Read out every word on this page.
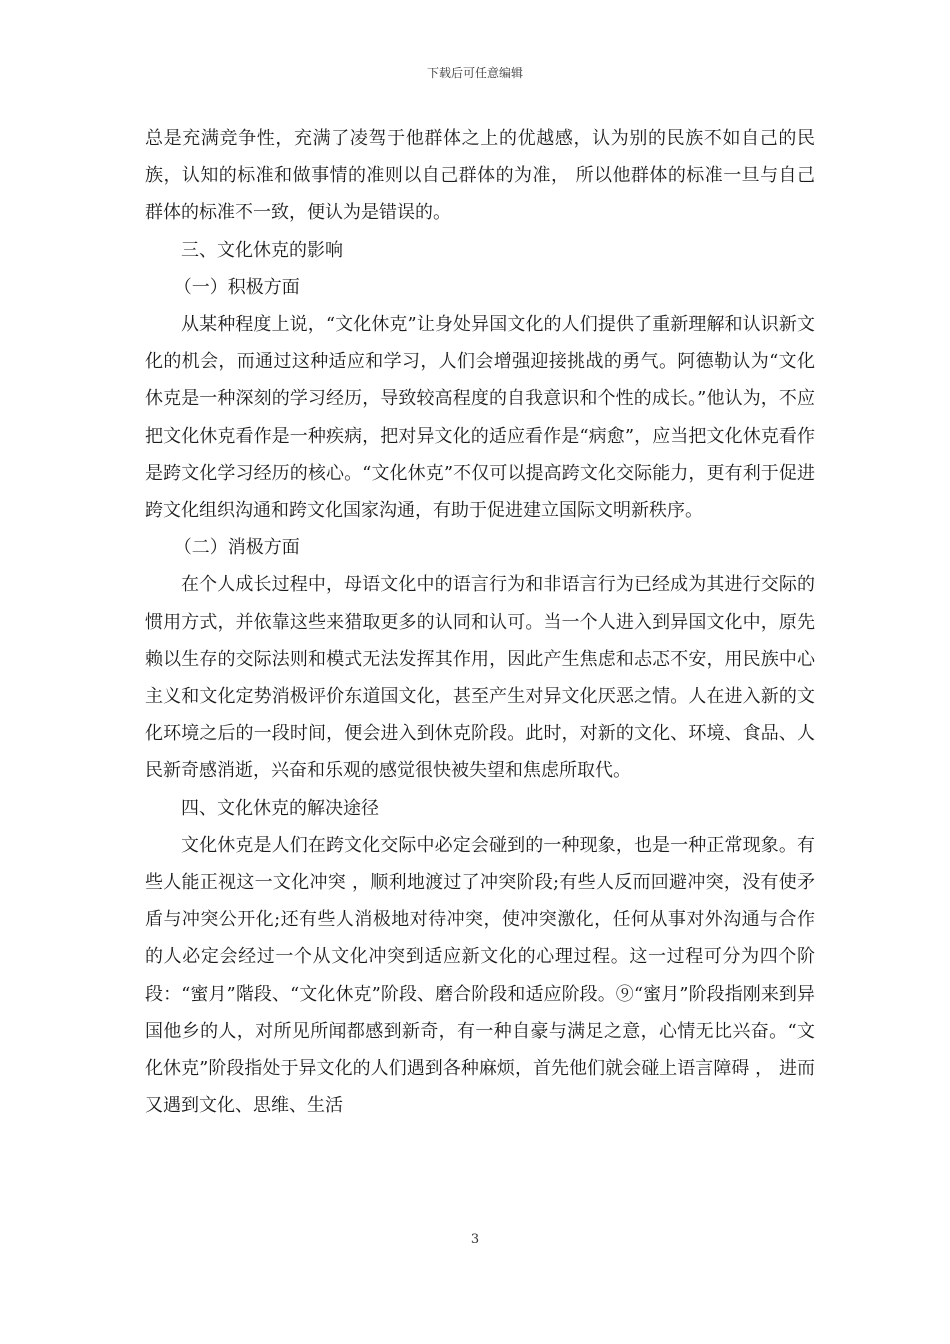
下载后可任意编辑

总是充满竞争性，充满了凌驾于他群体之上的优越感，认为别的民族不如自己的民族，认知的标准和做事情的准则以自己群体的为准， 所以他群体的标准一旦与自己群体的标准不一致，便认为是错误的。

三、文化休克的影响

（一）积极方面

从某种程度上说，“文化休克”让身处异国文化的人们提供了重新理解和认识新文化的机会，而通过这种适应和学习，人们会增强迎接挑战的勇气。阿德勒认为“文化休克是一种深刻的学习经历，导致较高程度的自我意识和个性的成长。”他认为，不应把文化休克看作是一种疾病，把对异文化的适应看作是“病愈”，应当把文化休克看作是跨文化学习经历的核心。“文化休克”不仅可以提高跨文化交际能力，更有利于促进跨文化组织沟通和跨文化国家沟通，有助于促进建立国际文明新秩序。

（二）消极方面

在个人成长过程中，母语文化中的语言行为和非语言行为已经成为其进行交际的惯用方式，并依靠这些来猎取更多的认同和认可。当一个人进入到异国文化中，原先赖以生存的交际法则和模式无法发挥其作用，因此产生焦虑和忐忑不安，用民族中心主义和文化定势消极评价东道国文化，甚至产生对异文化厌恶之情。人在进入新的文化环境之后的一段时间，便会进入到休克阶段。此时，对新的文化、环境、食品、人民新奇感消逝，兴奋和乐观的感觉很快被失望和焦虑所取代。

四、文化休克的解决途径

文化休克是人们在跨文化交际中必定会碰到的一种现象，也是一种正常现象。有些人能正视这一文化冲突 ，顺利地渡过了冲突阶段;有些人反而回避冲突，没有使矛盾与冲突公开化;还有些人消极地对待冲突，使冲突激化，任何从事对外沟通与合作的人必定会经过一个从文化冲突到适应新文化的心理过程。这一过程可分为四个阶段：“蜜月”階段、“文化休克”阶段、磨合阶段和适应阶段。⑨“蜜月”阶段指刚来到异国他乡的人，对所见所闻都感到新奇，有一种自豪与满足之意，心情无比兴奋。“文化休克”阶段指处于异文化的人们遇到各种麻烦，首先他们就会碰上语言障碍 ， 进而又遇到文化、思维、生活

3
